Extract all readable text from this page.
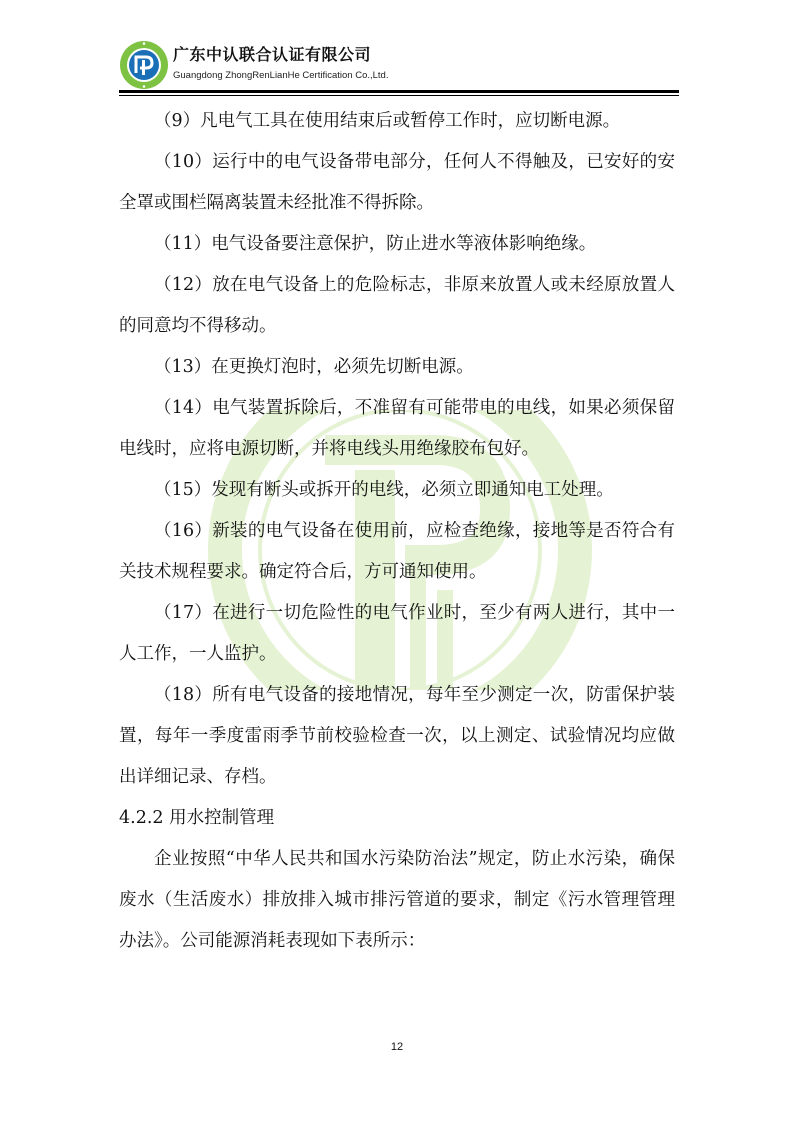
广东中认联合认证有限公司
Guangdong ZhongRenLianHe Certification Co.,Ltd.

（9）凡电气工具在使用结束后或暂停工作时，应切断电源。

（10）运行中的电气设备带电部分，任何人不得触及，已安好的安全罩或围栏隔离装置未经批准不得拆除。

（11）电气设备要注意保护，防止进水等液体影响绝缘。

（12）放在电气设备上的危险标志，非原来放置人或未经原放置人的同意均不得移动。

（13）在更换灯泡时，必须先切断电源。

（14）电气装置拆除后，不准留有可能带电的电线，如果必须保留电线时，应将电源切断，并将电线头用绝缘胶布包好。

（15）发现有断头或拆开的电线，必须立即通知电工处理。

（16）新装的电气设备在使用前，应检查绝缘，接地等是否符合有关技术规程要求。确定符合后，方可通知使用。

（17）在进行一切危险性的电气作业时，至少有两人进行，其中一人工作，一人监护。

（18）所有电气设备的接地情况，每年至少测定一次，防雷保护装置，每年一季度雷雨季节前校验检查一次，以上测定、试验情况均应做出详细记录、存档。

4.2.2 用水控制管理

企业按照“中华人民共和国水污染防治法”规定，防止水污染，确保废水（生活废水）排放排入城市排污管道的要求，制定《污水管理管理办法》。公司能源消耗表现如下表所示：

12
